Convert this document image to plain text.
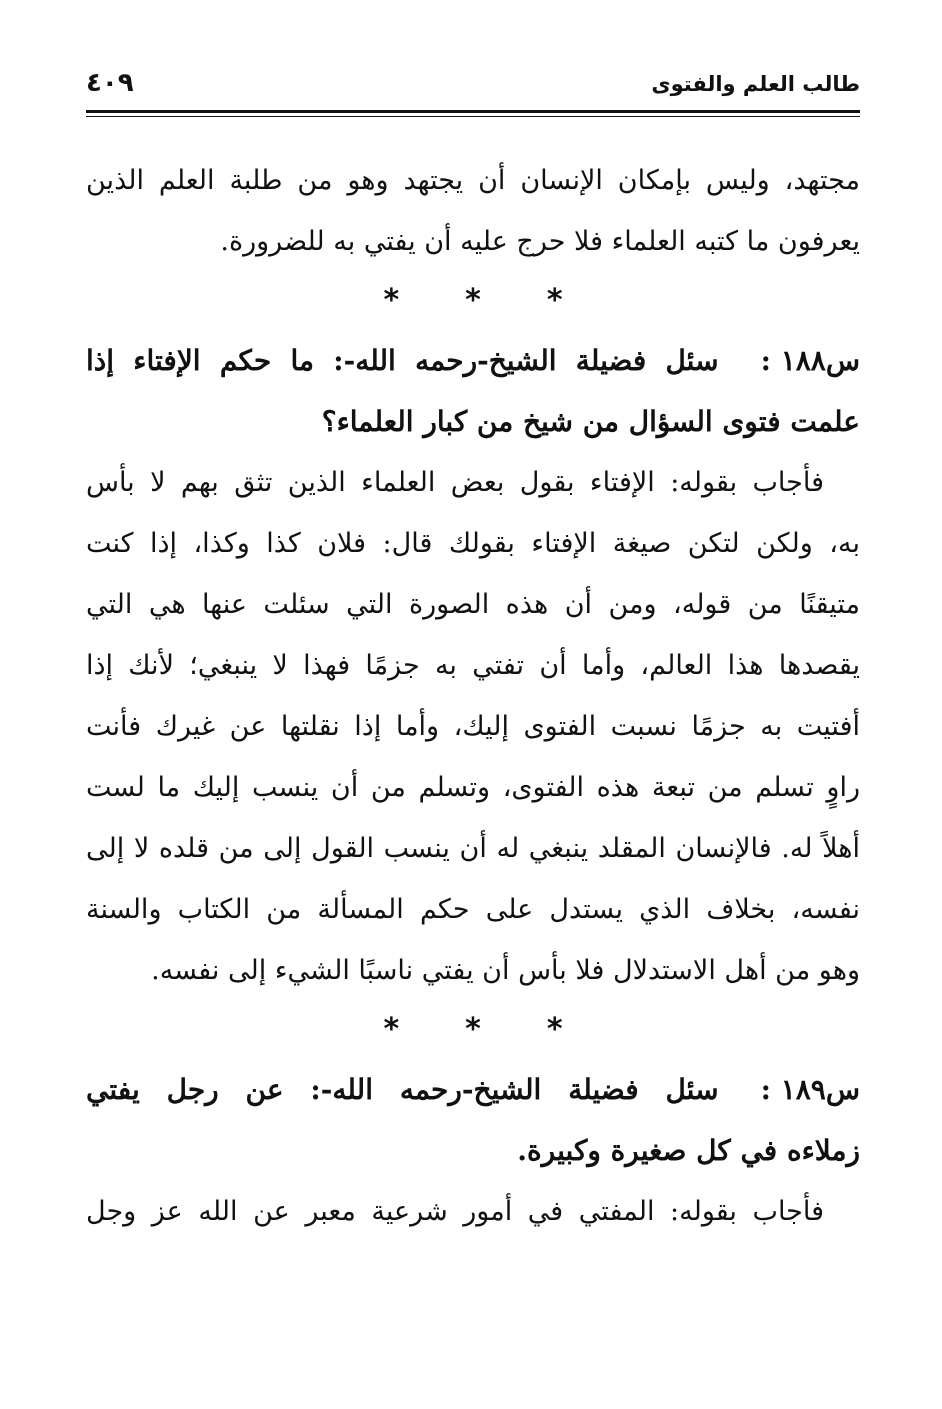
طالب العلم والفتوى
٤٠٩
مجتهد، وليس بإمكان الإنسان أن يجتهد وهو من طلبة العلم الذين
يعرفون ما كتبه العلماء فلا حرج عليه أن يفتي به للضرورة.
* * *
س١٨٨ :سئل فضيلة الشيخ-رحمه الله-: ما حكم الإفتاء إذا
علمت فتوى السؤال من شيخ من كبار العلماء؟
فأجاب بقوله: الإفتاء بقول بعض العلماء الذين تثق بهم لا بأس
به، ولكن لتكن صيغة الإفتاء بقولك قال: فلان كذا وكذا، إذا كنت
متيقنًا من قوله، ومن أن هذه الصورة التي سئلت عنها هي التي
يقصدها هذا العالم، وأما أن تفتي به جزمًا فهذا لا ينبغي؛ لأنك إذا
أفتيت به جزمًا نسبت الفتوى إليك، وأما إذا نقلتها عن غيرك فأنت
راوٍ تسلم من تبعة هذه الفتوى، وتسلم من أن ينسب إليك ما لست
أهلاً له. فالإنسان المقلد ينبغي له أن ينسب القول إلى من قلده لا إلى
نفسه، بخلاف الذي يستدل على حكم المسألة من الكتاب والسنة
وهو من أهل الاستدلال فلا بأس أن يفتي ناسبًا الشيء إلى نفسه.
* * *
س١٨٩ :سئل فضيلة الشيخ-رحمه الله-: عن رجل يفتي
زملاءه في كل صغيرة وكبيرة.
فأجاب بقوله: المفتي في أمور شرعية معبر عن الله عز وجل
